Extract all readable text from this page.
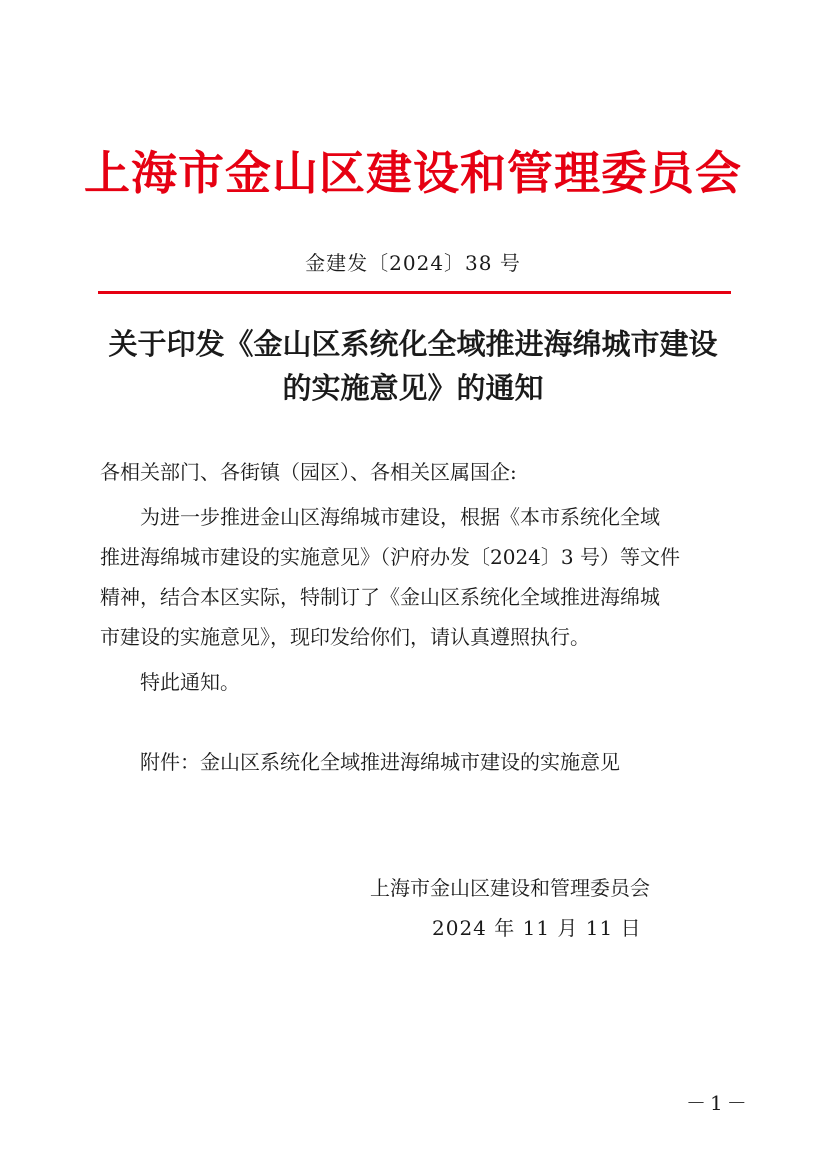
上海市金山区建设和管理委员会
金建发〔2024〕38 号
关于印发《金山区系统化全域推进海绵城市建设
的实施意见》的通知
各相关部门、各街镇（园区）、各相关区属国企:
为进一步推进金山区海绵城市建设，根据《本市系统化全域
推进海绵城市建设的实施意见》（沪府办发〔2024〕3 号）等文件
精神，结合本区实际，特制订了《金山区系统化全域推进海绵城
市建设的实施意见》，现印发给你们，请认真遵照执行。
特此通知。
附件：金山区系统化全域推进海绵城市建设的实施意见
上海市金山区建设和管理委员会
2024 年 11 月 11 日
－1－
